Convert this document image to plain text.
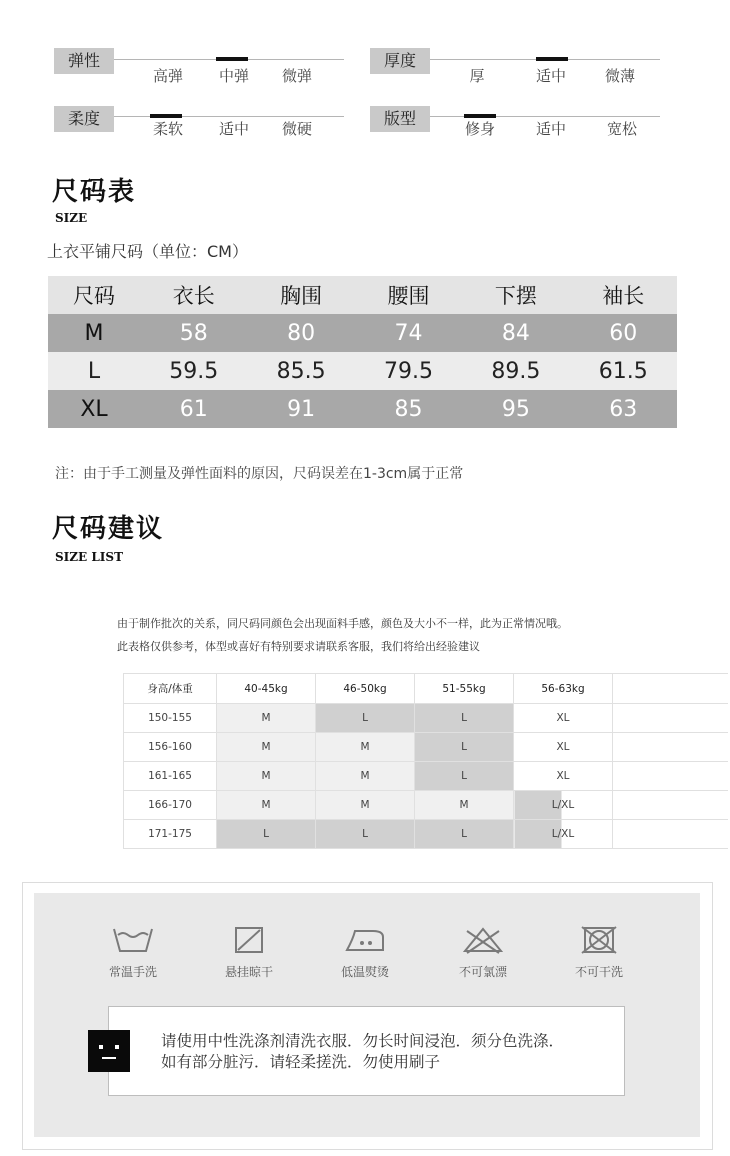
弹性
高弹	中弹	微弹
厚度
厚	适中	微薄
柔度
柔软	适中	微硬
版型
修身	适中	宽松
尺码表
SIZE
上衣平铺尺码（单位：CM）
尺码	衣长	胸围	腰围	下摆	袖长
M	58	80	74	84	60
L	59.5	85.5	79.5	89.5	61.5
XL	61	91	85	95	63
注：由于手工测量及弹性面料的原因，尺码误差在1-3cm属于正常
尺码建议
SIZE LIST
由于制作批次的关系，同尺码同颜色会出现面料手感，颜色及大小不一样，此为正常情况哦。
此表格仅供参考，体型或喜好有特别要求请联系客服，我们将给出经验建议
身高/体重	40-45kg	46-50kg	51-55kg	56-63kg	
150-155	M	L	L	XL	
156-160	M	M	L	XL	
161-165	M	M	L	XL	
166-170	M	M	M	L/XL	
171-175	L	L	L	L/XL	
常温手洗	悬挂晾干	低温熨烫	不可氯漂	不可干洗
请使用中性洗涤剂清洗衣服．勿长时间浸泡．须分色洗涤．
如有部分脏污．请轻柔搓洗．勿使用刷子
